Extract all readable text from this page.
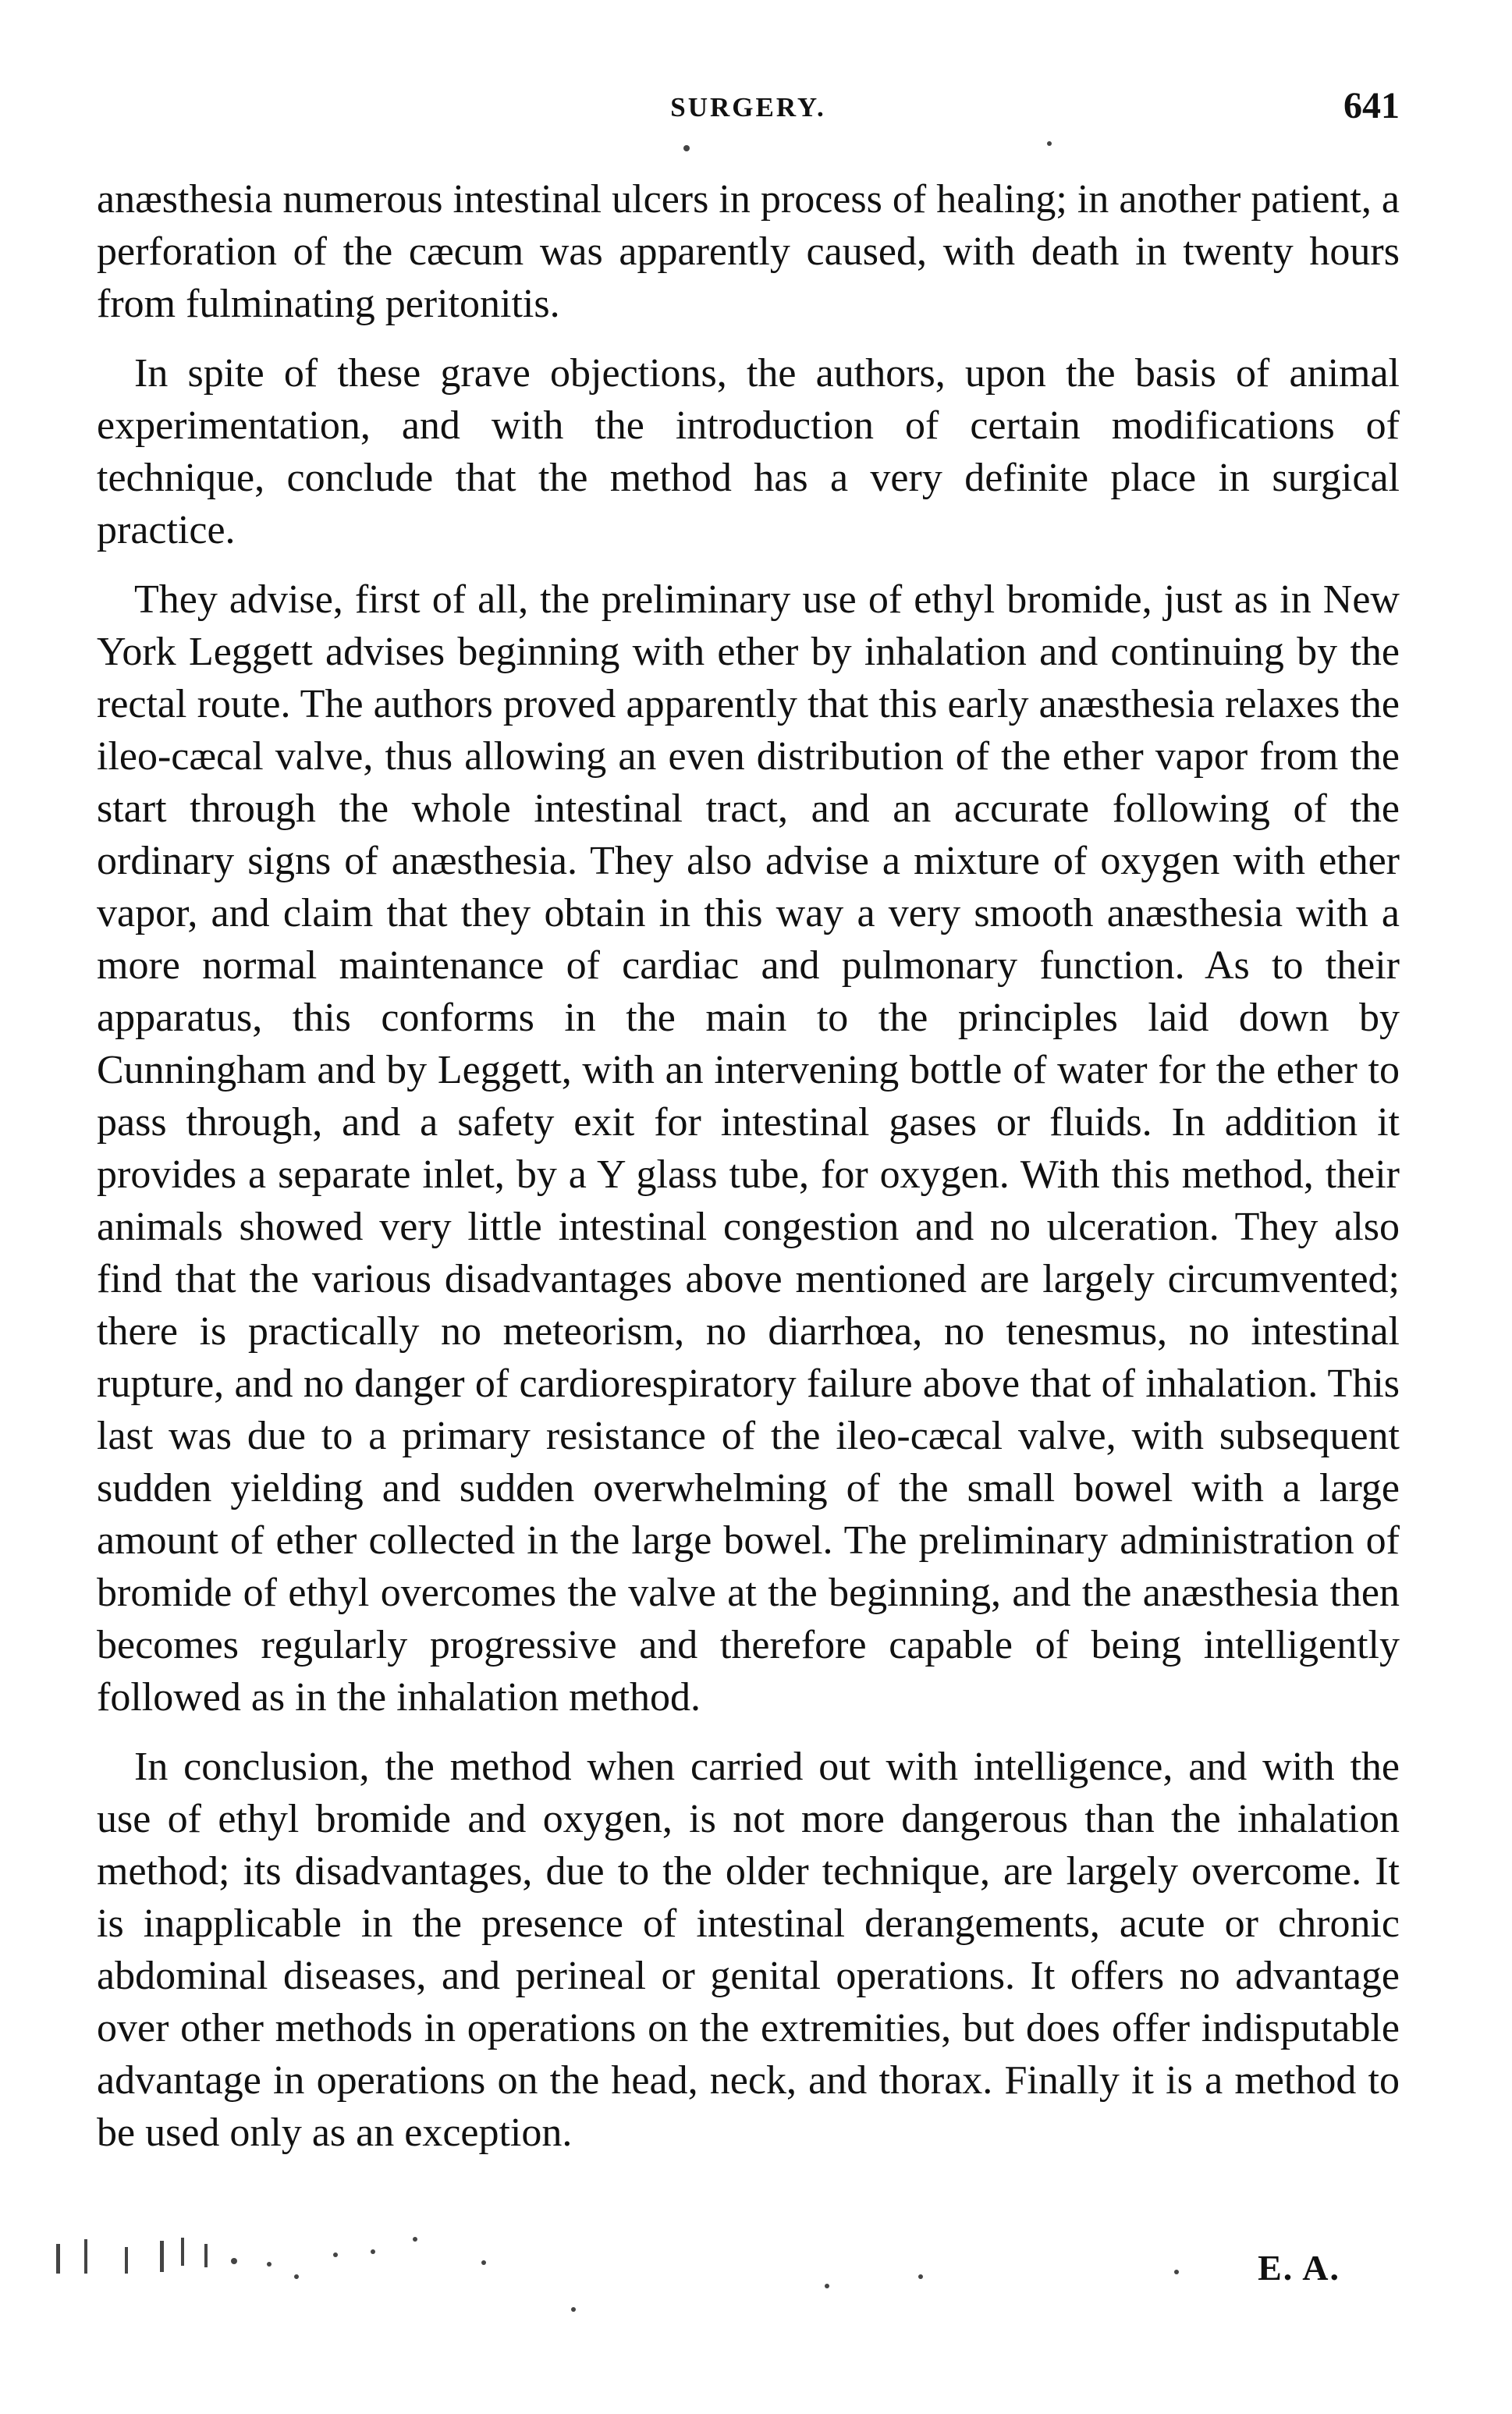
SURGERY.	641

anæsthesia numerous intestinal ulcers in process of healing; in another patient, a perforation of the cæcum was apparently caused, with death in twenty hours from fulminating peritonitis.

In spite of these grave objections, the authors, upon the basis of animal experimentation, and with the introduction of certain modifications of technique, conclude that the method has a very definite place in surgical practice.

They advise, first of all, the preliminary use of ethyl bromide, just as in New York Leggett advises beginning with ether by inhalation and continuing by the rectal route. The authors proved apparently that this early anæsthesia relaxes the ileo-cæcal valve, thus allowing an even distribution of the ether vapor from the start through the whole intestinal tract, and an accurate following of the ordinary signs of anæsthesia. They also advise a mixture of oxygen with ether vapor, and claim that they obtain in this way a very smooth anæsthesia with a more normal maintenance of cardiac and pulmonary function. As to their apparatus, this conforms in the main to the principles laid down by Cunningham and by Leggett, with an intervening bottle of water for the ether to pass through, and a safety exit for intestinal gases or fluids. In addition it provides a separate inlet, by a Y glass tube, for oxygen. With this method, their animals showed very little intestinal congestion and no ulceration. They also find that the various disadvantages above mentioned are largely circumvented; there is practically no meteorism, no diarrhœa, no tenesmus, no intestinal rupture, and no danger of cardiorespiratory failure above that of inhalation. This last was due to a primary resistance of the ileo-cæcal valve, with subsequent sudden yielding and sudden overwhelming of the small bowel with a large amount of ether collected in the large bowel. The preliminary administration of bromide of ethyl overcomes the valve at the beginning, and the anæsthesia then becomes regularly progressive and therefore capable of being intelligently followed as in the inhalation method.

In conclusion, the method when carried out with intelligence, and with the use of ethyl bromide and oxygen, is not more dangerous than the inhalation method; its disadvantages, due to the older technique, are largely overcome. It is inapplicable in the presence of intestinal derangements, acute or chronic abdominal diseases, and perineal or genital operations. It offers no advantage over other methods in operations on the extremities, but does offer indisputable advantage in operations on the head, neck, and thorax. Finally it is a method to be used only as an exception.

E. A.
